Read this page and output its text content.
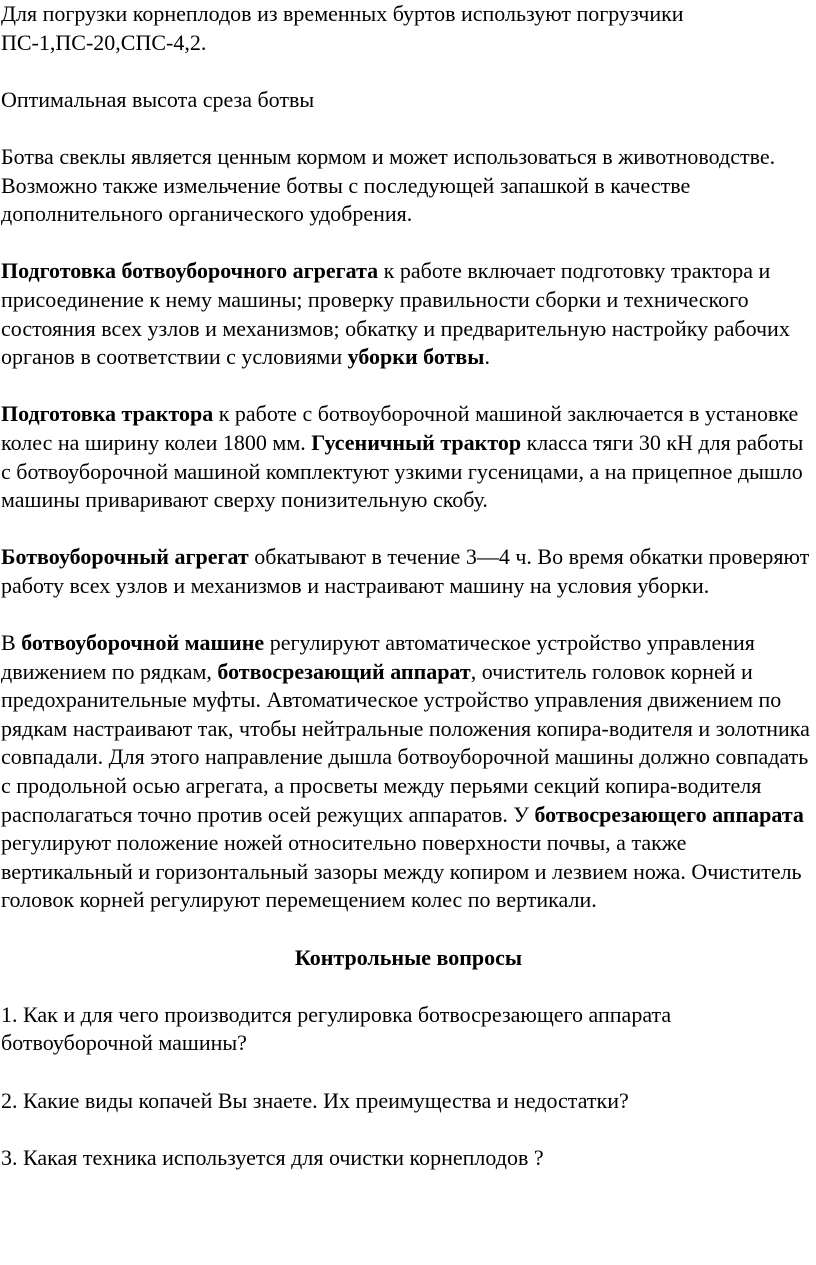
Для погрузки корнеплодов из временных буртов используют погрузчики ПС-1,ПС-20,СПС-4,2.

Оптимальная высота среза ботвы

Ботва свеклы является ценным кормом и может использоваться в животноводстве. Возможно также измельчение ботвы с последующей запашкой в качестве дополнительного органического удобрения.

Подготовка ботвоуборочного агрегата к работе включает подготовку трактора и присоединение к нему машины; проверку правильности сборки и технического состояния всех узлов и механизмов; обкатку и предварительную настройку рабочих органов в соответствии с условиями уборки ботвы.

Подготовка трактора к работе с ботвоуборочной машиной заключается в установке колес на ширину колеи 1800 мм. Гусеничный трактор класса тяги 30 кН для работы с ботвоуборочной машиной комплектуют узкими гусеницами, а на прицепное дышло машины приваривают сверху понизительную скобу.

Ботвоуборочный агрегат обкатывают в течение 3—4 ч. Во время обкатки проверяют работу всех узлов и механизмов и настраивают машину на условия уборки.

В ботвоуборочной машине регулируют автоматическое устройство управления движением по рядкам, ботвосрезающий аппарат, очиститель головок корней и предохранительные муфты. Автоматическое устройство управления движением по рядкам настраивают так, чтобы нейтральные положения копира-водителя и золотника совпадали. Для этого направление дышла ботвоуборочной машины должно совпадать с продольной осью агрегата, а просветы между перьями секций копира-водителя располагаться точно против осей режущих аппаратов. У ботвосрезающего аппарата регулируют положение ножей относительно поверхности почвы, а также вертикальный и горизонтальный зазоры между копиром и лезвием ножа. Очиститель головок корней регулируют перемещением колес по вертикали.

Контрольные вопросы

1. Как и для чего производится регулировка ботвосрезающего аппарата ботвоуборочной машины?

2. Какие виды копачей Вы знаете. Их преимущества и недостатки?

3. Какая техника используется для очистки корнеплодов ?
